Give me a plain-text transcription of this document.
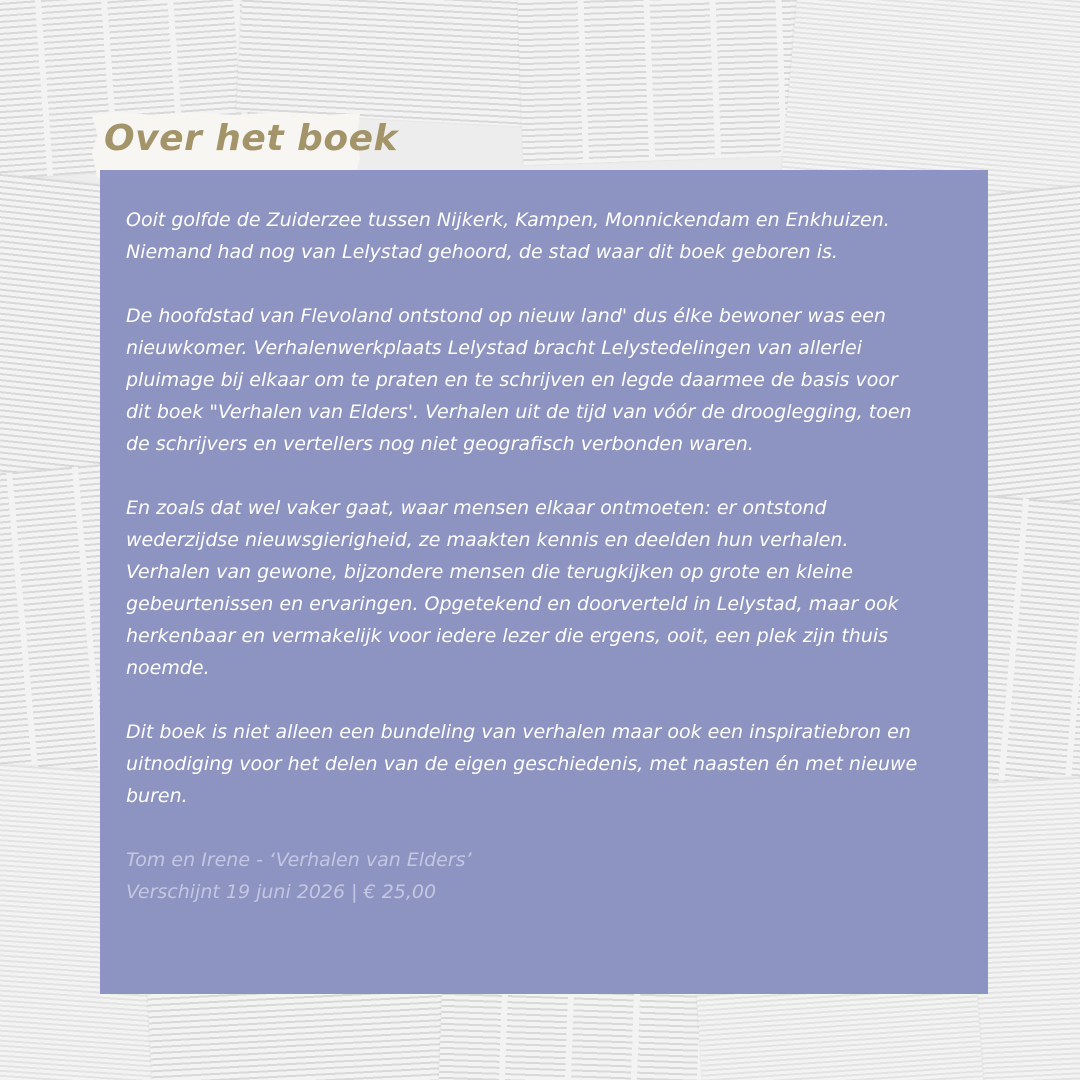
Over het boek

Ooit golfde de Zuiderzee tussen Nijkerk, Kampen, Monnickendam en Enkhuizen.
Niemand had nog van Lelystad gehoord, de stad waar dit boek geboren is.

De hoofdstad van Flevoland ontstond op nieuw land' dus élke bewoner was een
nieuwkomer. Verhalenwerkplaats Lelystad bracht Lelystedelingen van allerlei
pluimage bij elkaar om te praten en te schrijven en legde daarmee de basis voor
dit boek "Verhalen van Elders'. Verhalen uit de tijd van vóór de drooglegging, toen
de schrijvers en vertellers nog niet geografisch verbonden waren.

En zoals dat wel vaker gaat, waar mensen elkaar ontmoeten: er ontstond
wederzijdse nieuwsgierigheid, ze maakten kennis en deelden hun verhalen.
Verhalen van gewone, bijzondere mensen die terugkijken op grote en kleine
gebeurtenissen en ervaringen. Opgetekend en doorverteld in Lelystad, maar ook
herkenbaar en vermakelijk voor iedere lezer die ergens, ooit, een plek zijn thuis
noemde.

Dit boek is niet alleen een bundeling van verhalen maar ook een inspiratiebron en
uitnodiging voor het delen van de eigen geschiedenis, met naasten én met nieuwe
buren.

Tom en Irene - ‘Verhalen van Elders’
Verschijnt 19 juni 2026 | € 25,00
